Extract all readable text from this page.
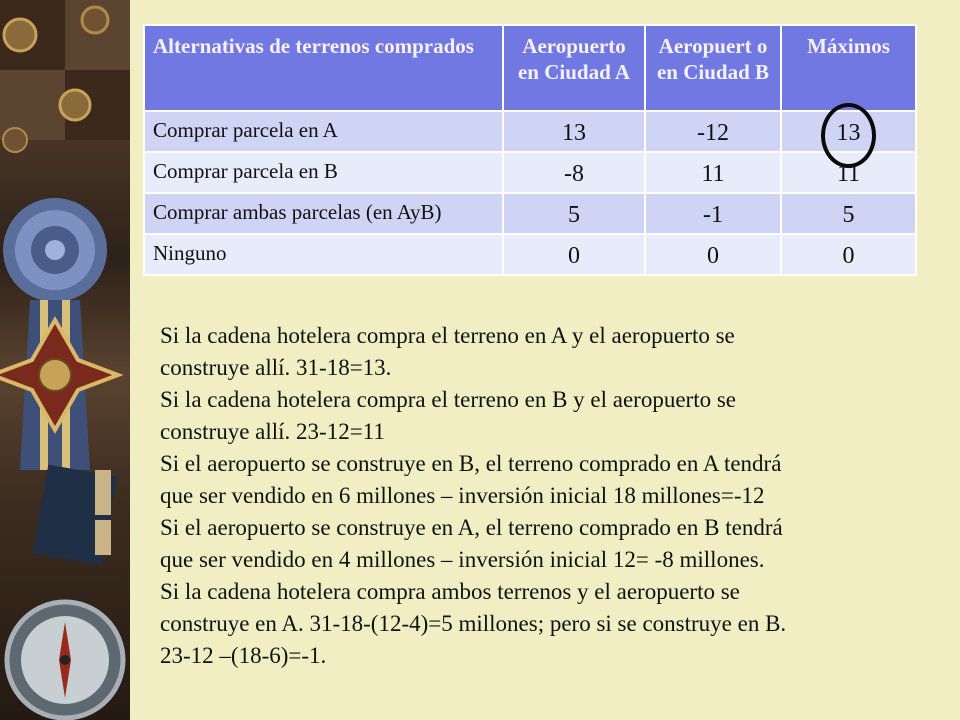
Alternativas de terrenos comprados	Aeropuerto en Ciudad A	Aeropuert o en Ciudad B	Máximos
Comprar parcela en A	13	-12	13
Comprar parcela en B	-8	11	11
Comprar ambas parcelas (en AyB)	5	-1	5
Ninguno	0	0	0

Si la cadena hotelera compra el terreno en A y el aeropuerto se

construye allí. 31-18=13.

Si la cadena hotelera compra el terreno en B y el aeropuerto se

construye allí. 23-12=11

Si el aeropuerto se construye en B, el terreno comprado en A tendrá

que ser vendido en 6 millones – inversión inicial 18 millones=-12

Si el aeropuerto se construye en A, el terreno comprado en B tendrá

que ser vendido en 4 millones – inversión inicial 12= -8 millones.

Si la cadena hotelera compra ambos terrenos y el aeropuerto se

construye en A. 31-18-(12-4)=5 millones; pero si se construye en B.

23-12 –(18-6)=-1.
